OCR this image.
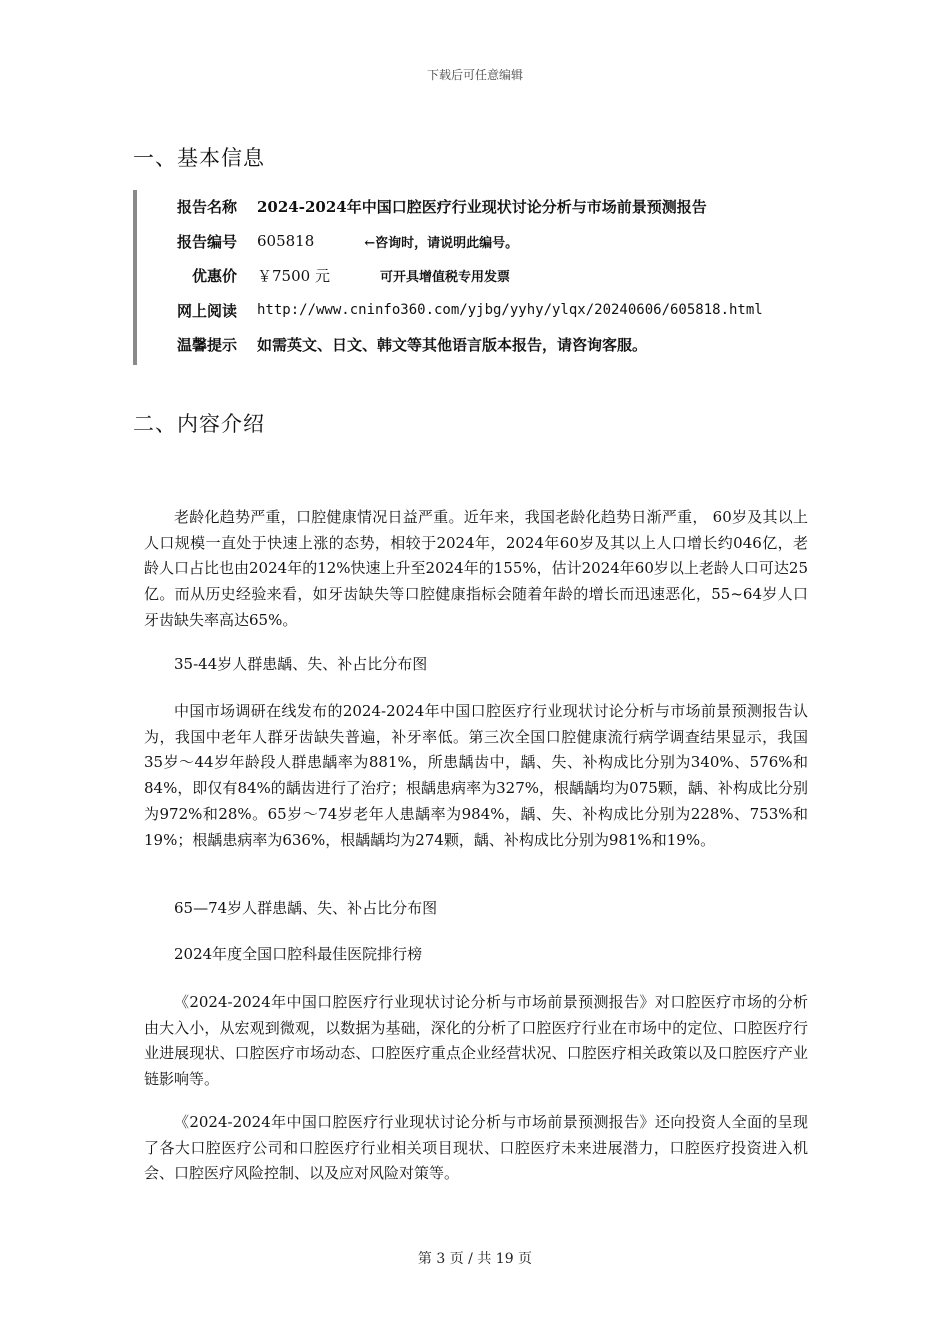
下载后可任意编辑
一、基本信息
报告名称 2024-2024年中国口腔医疗行业现状讨论分析与市场前景预测报告
报告编号 605818	←咨询时，请说明此编号。
优惠价 ￥7500 元	可开具增值税专用发票
网上阅读 http://www.cninfo360.com/yjbg/yyhy/ylqx/20240606/605818.html
温馨提示 如需英文、日文、韩文等其他语言版本报告，请咨询客服。
二、内容介绍

老龄化趋势严重，口腔健康情况日益严重。近年来，我国老龄化趋势日渐严重， 60岁及其以上人口规模一直处于快速上涨的态势，相较于2024年，2024年60岁及其以上人口增长约046亿，老龄人口占比也由2024年的12%快速上升至2024年的155%，估计2024年60岁以上老龄人口可达25亿。而从历史经验来看，如牙齿缺失等口腔健康指标会随着年龄的增长而迅速恶化，55~64岁人口牙齿缺失率高达65%。

35-44岁人群患龋、失、补占比分布图

中国市场调研在线发布的2024-2024年中国口腔医疗行业现状讨论分析与市场前景预测报告认为，我国中老年人群牙齿缺失普遍，补牙率低。第三次全国口腔健康流行病学调查结果显示，我国35岁～44岁年龄段人群患龋率为881%，所患龋齿中，龋、失、补构成比分别为340%、576%和84%，即仅有84%的龋齿进行了治疗；根龋患病率为327%，根龋龋均为075颗，龋、补构成比分别为972%和28%。65岁～74岁老年人患龋率为984%，龋、失、补构成比分别为228%、753%和19%；根龋患病率为636%，根龋龋均为274颗，龋、补构成比分别为981%和19%。

65—74岁人群患龋、失、补占比分布图

2024年度全国口腔科最佳医院排行榜

《2024-2024年中国口腔医疗行业现状讨论分析与市场前景预测报告》对口腔医疗市场的分析由大入小，从宏观到微观，以数据为基础，深化的分析了口腔医疗行业在市场中的定位、口腔医疗行业进展现状、口腔医疗市场动态、口腔医疗重点企业经营状况、口腔医疗相关政策以及口腔医疗产业链影响等。

《2024-2024年中国口腔医疗行业现状讨论分析与市场前景预测报告》还向投资人全面的呈现了各大口腔医疗公司和口腔医疗行业相关项目现状、口腔医疗未来进展潜力，口腔医疗投资进入机会、口腔医疗风险控制、以及应对风险对策等。

第 3 页 / 共 19 页
